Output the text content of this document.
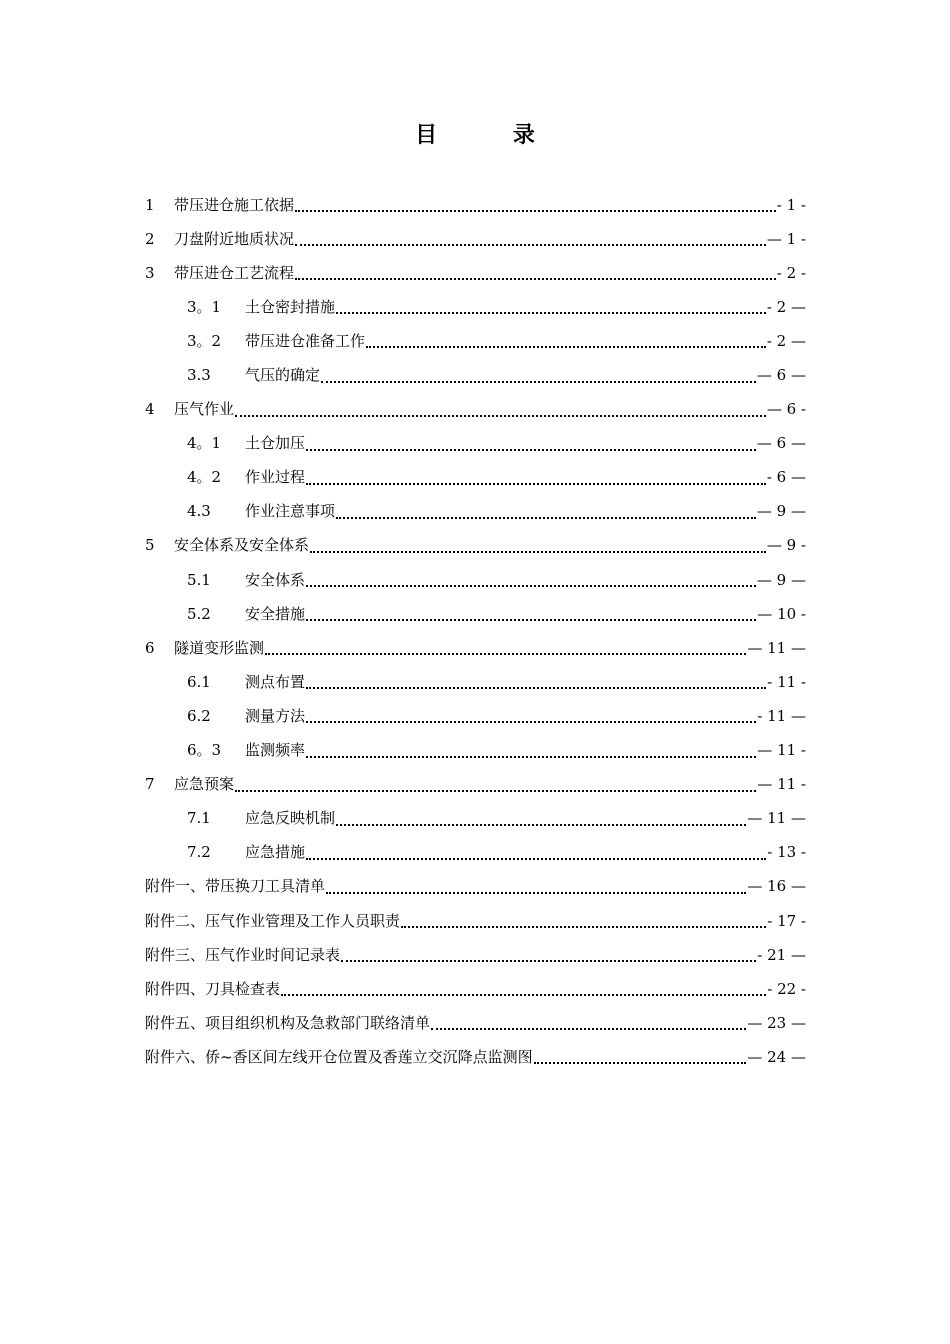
目 录
1	带压进仓施工依据	- 1 -
2	刀盘附近地质状况	— 1 -
3	带压进仓工艺流程	- 2 -
3。1	土仓密封措施	- 2 —
3。2	带压进仓准备工作	- 2 —
3.3	气压的确定	— 6 —
4	压气作业	— 6 -
4。1	土仓加压	— 6 —
4。2	作业过程	- 6 —
4.3	作业注意事项	— 9 —
5	安全体系及安全体系	— 9 -
5.1	安全体系	— 9 —
5.2	安全措施	— 10 -
6	隧道变形监测	— 11 —
6.1	测点布置	- 11 -
6.2	测量方法	- 11 —
6。3	监测频率	— 11 -
7	应急预案	— 11 -
7.1	应急反映机制	— 11 —
7.2	应急措施	- 13 -
附件一、带压换刀工具清单	— 16 —
附件二、压气作业管理及工作人员职责	- 17 -
附件三、压气作业时间记录表	- 21 —
附件四、刀具检查表	- 22 -
附件五、项目组织机构及急救部门联络清单	— 23 —
附件六、侨~香区间左线开仓位置及香莲立交沉降点监测图	— 24 —
